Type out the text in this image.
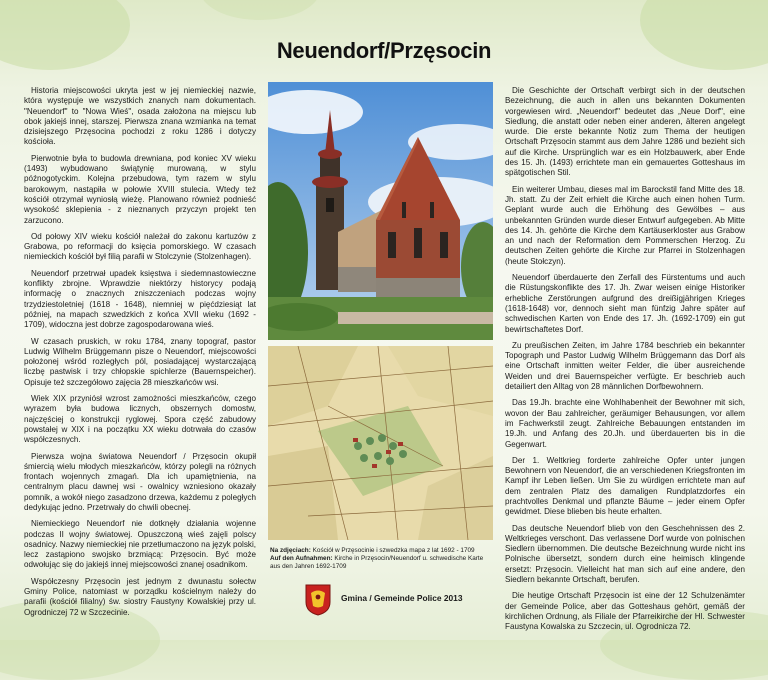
Neuendorf/Przęsocin

Historia miejscowości ukryta jest w jej niemieckiej nazwie, która występuje we wszystkich znanych nam dokumentach. "Neuendorf" to "Nowa Wieś", osada założona na miejscu lub obok jakiejś innej, starszej. Pierwsza znana wzmianka na temat dzisiejszego Przęsocina pochodzi z roku 1286 i dotyczy kościoła.

Pierwotnie była to budowla drewniana, pod koniec XV wieku (1493) wybudowano świątynię murowaną, w stylu późnogotyckim. Kolejna przebudowa, tym razem w stylu barokowym, nastąpiła w połowie XVIII stulecia. Wtedy też kościół otrzymał wyniosłą wieżę. Planowano również podnieść wysokość sklepienia - z nieznanych przyczyn projekt ten zarzucono.

Od połowy XIV wieku kościół należał do zakonu kartuzów z Grabowa, po reformacji do księcia pomorskiego. W czasach niemieckich kościół był filią parafii w Stolczynie (Stolzenhagen).

Neuendorf przetrwał upadek księstwa i siedemnastowieczne konflikty zbrojne. Wprawdzie niektórzy historycy podają informację o znacznych zniszczeniach podczas wojny trzydziestoletniej (1618 - 1648), niemniej w pięćdziesiąt lat później, na mapach szwedzkich z końca XVII wieku (1692 - 1709), widoczna jest dobrze zagospodarowana wieś.

W czasach pruskich, w roku 1784, znany topograf, pastor Ludwig Wilhelm Brüggemann pisze o Neuendorf, miejscowości położonej wśród rozległych pól, posiadającej wystarczającą liczbę pastwisk i trzy chłopskie spichlerze (Bauernspeicher). Opisuje też szczegółowo zajęcia 28 mieszkańców wsi.

Wiek XIX przyniósł wzrost zamożności mieszkańców, czego wyrazem była budowa licznych, obszernych domostw, najczęściej o konstrukcji ryglowej. Spora część zabudowy powstałej w XIX i na początku XX wieku dotrwała do czasów współczesnych.

Pierwsza wojna światowa Neuendorf / Przęsocin okupił śmiercią wielu młodych mieszkańców, którzy polegli na różnych frontach wojennych zmagań. Dla ich upamiętnienia, na centralnym placu dawnej wsi - owalnicy wzniesiono okazały pomnik, a wokół niego zasadzono drzewa, każdemu z poległych dedykując jedno. Przetrwały do chwili obecnej.

Niemieckiego Neuendorf nie dotknęły działania wojenne podczas II wojny światowej. Opuszczoną wieś zajęli polscy osadnicy. Nazwy niemieckiej nie przetłumaczono na język polski, lecz zastąpiono swojsko brzmiącą: Przęsocin. Być może odwołując się do jakiejś innej miejscowości znanej osadnikom.

Współczesny Przęsocin jest jednym z dwunastu sołectw Gminy Police, natomiast w porządku kościelnym należy do parafii (kościół filialny) św. siostry Faustyny Kowalskiej przy ul. Ogrodniczej 72 w Szczecinie.

Na zdjęciach: Kościół w Przęsocinie i szwedzka mapa z lat 1692 - 1709
Auf den Aufnahmen: Kirche in Przęsocin/Neuendorf u. schwedische Karte aus den Jahren 1692-1709
Gmina / Gemeinde Police 2013

Die Geschichte der Ortschaft verbirgt sich in der deutschen Bezeichnung, die auch in allen uns bekannten Dokumenten vorgewiesen wird. „Neuendorf" bedeutet das „Neue Dorf", eine Siedlung, die anstatt oder neben einer anderen, älteren angelegt wurde. Die erste bekannte Notiz zum Thema der heutigen Ortschaft Przęsocin stammt aus dem Jahre 1286 und bezieht sich auf die Kirche. Ursprünglich war es ein Holzbauwerk, aber Ende des 15. Jh. (1493) errichtete man ein gemauertes Gotteshaus im spätgotischen Stil.

Ein weiterer Umbau, dieses mal im Barockstil fand Mitte des 18. Jh. statt. Zu der Zeit erhielt die Kirche auch einen hohen Turm. Geplant wurde auch die Erhöhung des Gewölbes – aus unbekannten Gründen wurde dieser Entwurf aufgegeben. Ab Mitte des 14. Jh. gehörte die Kirche dem Kartäuserkloster aus Grabow an und nach der Reformation dem Pommerschen Herzog. Zu deutschen Zeiten gehörte die Kirche zur Pfarrei in Stolzenhagen (heute Stołczyn).

Neuendorf überdauerte den Zerfall des Fürstentums und auch die Rüstungskonflikte des 17. Jh. Zwar weisen einige Historiker erhebliche Zerstörungen aufgrund des dreißigjährigen Krieges (1618-1648) vor, dennoch sieht man fünfzig Jahre später auf schwedischen Karten von Ende des 17. Jh. (1692-1709) ein gut bewirtschaftetes Dorf.

Zu preußischen Zeiten, im Jahre 1784 beschrieb ein bekannter Topograph und Pastor Ludwig Wilhelm Brüggemann das Dorf als eine Ortschaft inmitten weiter Felder, die über ausreichende Weiden und drei Bauernspeicher verfügte. Er beschrieb auch detailiert den Alltag von 28 männlichen Dorfbewohnern.

Das 19.Jh. brachte eine Wohlhabenheit der Bewohner mit sich, wovon der Bau zahlreicher, geräumiger Behausungen, vor allem im Fachwerkstil zeugt. Zahlreiche Bebauungen entstanden im 19.Jh. und Anfang des 20.Jh. und überdauerten bis in die Gegenwart.

Der 1. Weltkrieg forderte zahlreiche Opfer unter jungen Bewohnern von Neuendorf, die an verschiedenen Kriegsfronten im Kampf ihr Leben ließen. Um Sie zu würdigen errichtete man auf dem zentralen Platz des damaligen Rundplatzdorfes ein prachtvolles Denkmal und pflanzte Bäume – jeder einem Opfer gewidmet. Diese blieben bis heute erhalten.

Das deutsche Neuendorf blieb von den Geschehnissen des 2. Weltkrieges verschont. Das verlassene Dorf wurde von polnischen Siedlern übernommen. Die deutsche Bezeichnung wurde nicht ins Polnische übersetzt, sondern durch eine heimisch klingende ersetzt: Przęsocin. Vielleicht hat man sich auf eine andere, den Siedlern bekannte Ortschaft, berufen.

Die heutige Ortschaft Przęsocin ist eine der 12 Schulzenämter der Gemeinde Police, aber das Gotteshaus gehört, gemäß der kirchlichen Ordnung, als Filiale der Pfarreikirche der Hl. Schwester Faustyna Kowalska zu Szczecin, ul. Ogrodnicza 72.
